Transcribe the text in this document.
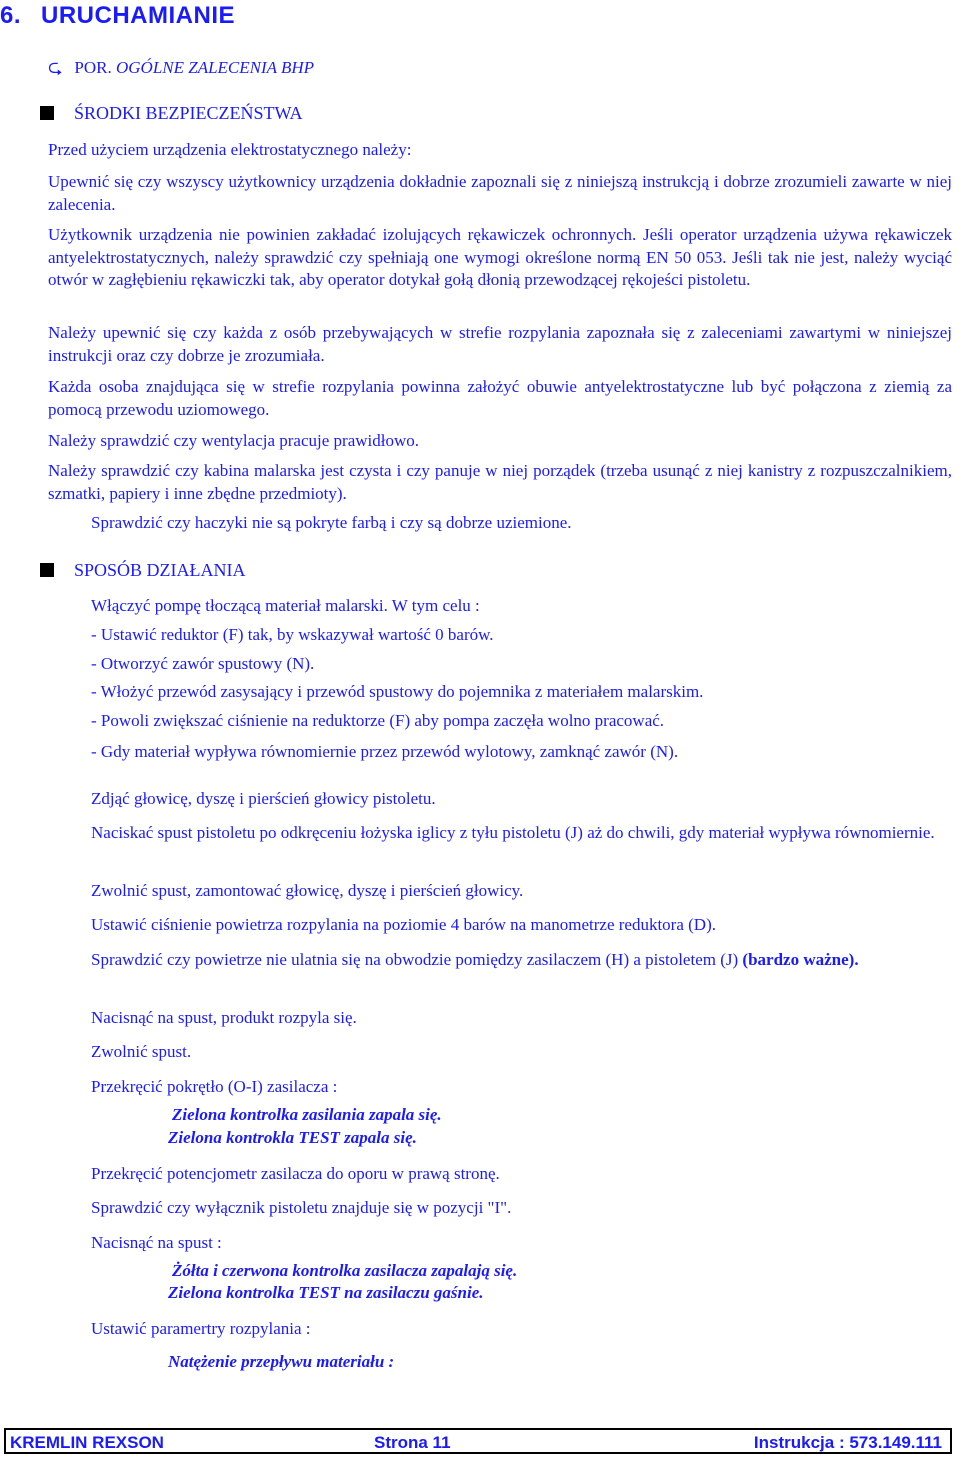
6. URUCHAMIANIE
⮎ POR. OGÓLNE ZALECENIA BHP
ŚRODKI BEZPIECZEŃSTWA
Przed użyciem urządzenia elektrostatycznego należy:
Upewnić się czy wszyscy użytkownicy urządzenia dokładnie zapoznali się z niniejszą instrukcją i dobrze zrozumieli zawarte w niej zalecenia.
Użytkownik urządzenia nie powinien zakładać izolujących rękawiczek ochronnych. Jeśli operator urządzenia używa rękawiczek antyelektrostatycznych, należy sprawdzić czy spełniają one wymogi określone normą EN 50 053. Jeśli tak nie jest, należy wyciąć otwór w zagłębieniu rękawiczki tak, aby operator dotykał gołą dłonią przewodzącej rękojeści pistoletu.
Należy upewnić się czy każda z osób przebywających w strefie rozpylania zapoznała się z zaleceniami zawartymi w niniejszej instrukcji oraz czy dobrze je zrozumiała.
Każda osoba znajdująca się w strefie rozpylania powinna założyć obuwie antyelektrostatyczne lub być połączona z ziemią za pomocą przewodu uziomowego.
Należy sprawdzić czy wentylacja pracuje prawidłowo.
Należy sprawdzić czy kabina malarska jest czysta i czy panuje w niej porządek (trzeba usunąć z niej kanistry z rozpuszczalnikiem, szmatki, papiery i inne zbędne przedmioty).
Sprawdzić czy haczyki nie są pokryte farbą i czy są dobrze uziemione.
SPOSÓB DZIAŁANIA
Włączyć pompę tłoczącą materiał malarski. W tym celu :
- Ustawić reduktor (F) tak, by wskazywał wartość 0 barów.
- Otworzyć zawór spustowy (N).
- Włożyć przewód zasysający i przewód spustowy do pojemnika z materiałem malarskim.
- Powoli zwiększać ciśnienie na reduktorze (F) aby pompa zaczęła wolno pracować.
- Gdy materiał wypływa równomiernie przez przewód wylotowy, zamknąć zawór (N).
Zdjąć głowicę, dyszę i pierścień głowicy pistoletu.
Naciskać spust pistoletu po odkręceniu łożyska iglicy z tyłu pistoletu (J) aż do chwili, gdy materiał wypływa równomiernie.
Zwolnić spust, zamontować głowicę, dyszę i pierścień głowicy.
Ustawić ciśnienie powietrza rozpylania na poziomie 4 barów na manometrze reduktora (D).
Sprawdzić czy powietrze nie ulatnia się na obwodzie pomiędzy zasilaczem (H) a pistoletem (J) (bardzo ważne).
Nacisnąć na spust, produkt rozpyla się.
Zwolnić spust.
Przekręcić pokrętło (O-I) zasilacza :
Zielona kontrolka zasilania zapala się.
Zielona kontrokla TEST zapala się.
Przekręcić potencjometr zasilacza do oporu w prawą stronę.
Sprawdzić czy wyłącznik pistoletu znajduje się w pozycji "I".
Nacisnąć na spust :
Żółta i czerwona kontrolka zasilacza zapalają się.
Zielona kontrolka TEST na zasilaczu gaśnie.
Ustawić paramertry rozpylania :
Natężenie przepływu materiału :
KREMLIN REXSON	Strona 11	Instrukcja : 573.149.111
